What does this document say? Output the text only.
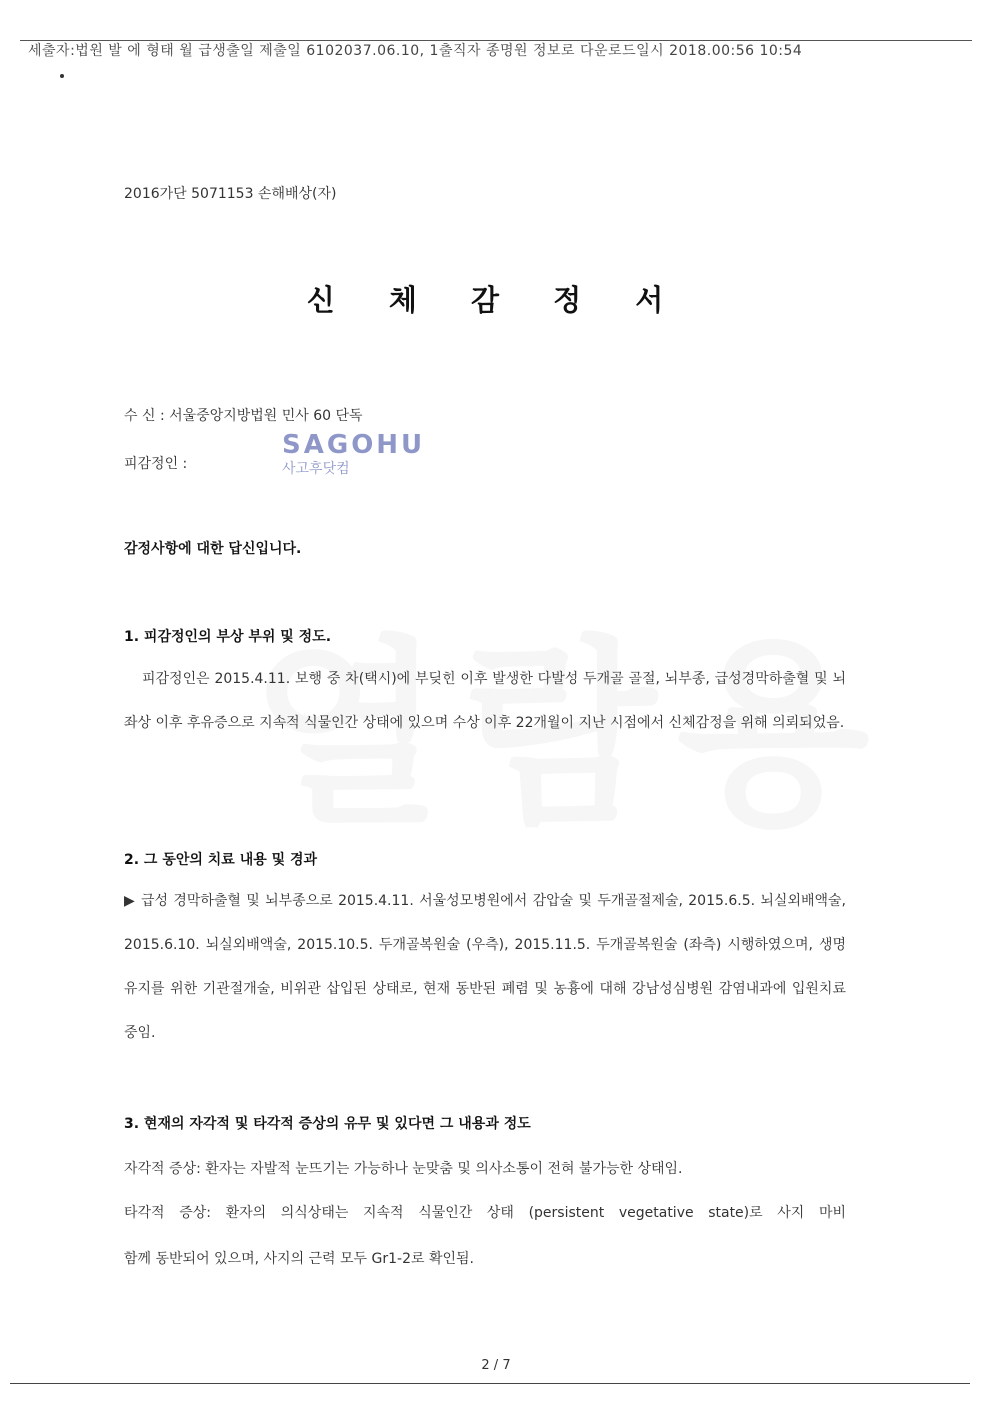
세출자:법원 발 에 형태 월 급생출일 제출일 6102037.06.10, 1출직자 종명원 정보로 다운로드일시 2018.00:56 10:54
2016가단 5071153 손해배상(자)
신 체 감 정 서
수 신 : 서울중앙지방법원 민사 60 단독
피감정인 :
SAGOHU
사고후닷컴
감정사항에 대한 답신입니다.
1. 피감정인의 부상 부위 및 정도.

피감정인은 2015.4.11. 보행 중 차(택시)에 부딪힌 이후 발생한 다발성 두개골 골절, 뇌부종, 급성경막하출혈 및 뇌좌상 이후 후유증으로 지속적 식물인간 상태에 있으며 수상 이후 22개월이 지난 시점에서 신체감정을 위해 의뢰되었음.

2. 그 동안의 치료 내용 및 경과

▶ 급성 경막하출혈 및 뇌부종으로 2015.4.11. 서울성모병원에서 감압술 및 두개골절제술, 2015.6.5. 뇌실외배액술, 2015.6.10. 뇌실외배액술, 2015.10.5. 두개골복원술 (우측), 2015.11.5. 두개골복원술 (좌측) 시행하였으며, 생명 유지를 위한 기관절개술, 비위관 삽입된 상태로, 현재 동반된 폐렴 및 농흉에 대해 강남성심병원 감염내과에 입원치료 중임.

3. 현재의 자각적 및 타각적 증상의 유무 및 있다면 그 내용과 정도
자각적 증상: 환자는 자발적 눈뜨기는 가능하나 눈맞춤 및 의사소통이 전혀 불가능한 상태임.
타각적 증상: 환자의 의식상태는 지속적 식물인간 상태 (persistent vegetative state)로 사지 마비
함께 동반되어 있으며, 사지의 근력 모두 Gr1-2로 확인됨.
2 / 7
